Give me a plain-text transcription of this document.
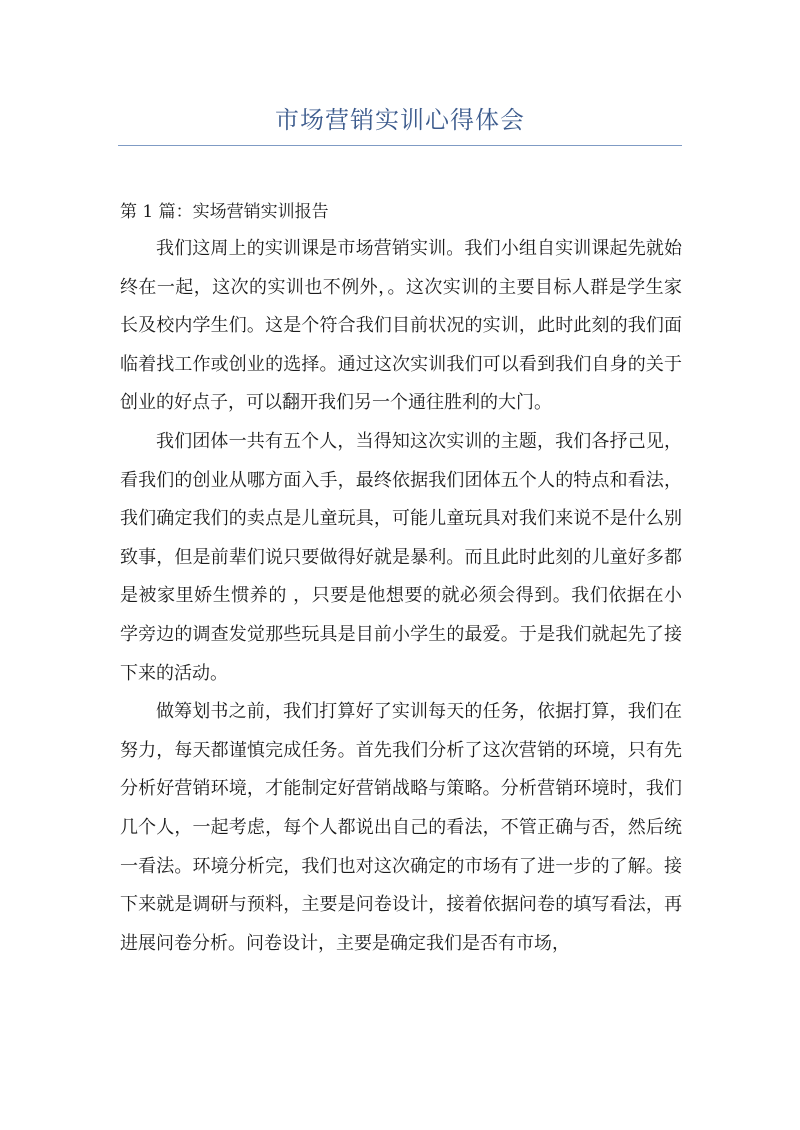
市场营销实训心得体会
第 1 篇：实场营销实训报告

我们这周上的实训课是市场营销实训。我们小组自实训课起先就始终在一起，这次的实训也不例外，。这次实训的主要目标人群是学生家长及校内学生们。这是个符合我们目前状况的实训，此时此刻的我们面临着找工作或创业的选择。通过这次实训我们可以看到我们自身的关于创业的好点子，可以翻开我们另一个通往胜利的大门。

我们团体一共有五个人，当得知这次实训的主题，我们各抒己见，看我们的创业从哪方面入手，最终依据我们团体五个人的特点和看法，我们确定我们的卖点是儿童玩具，可能儿童玩具对我们来说不是什么别致事，但是前辈们说只要做得好就是暴利。而且此时此刻的儿童好多都是被家里娇生惯养的 ，只要是他想要的就必须会得到。我们依据在小学旁边的调查发觉那些玩具是目前小学生的最爱。于是我们就起先了接下来的活动。

做筹划书之前，我们打算好了实训每天的任务，依据打算，我们在努力，每天都谨慎完成任务。首先我们分析了这次营销的环境，只有先分析好营销环境，才能制定好营销战略与策略。分析营销环境时，我们几个人，一起考虑，每个人都说出自己的看法，不管正确与否，然后统一看法。环境分析完，我们也对这次确定的市场有了进一步的了解。接下来就是调研与预料，主要是问卷设计，接着依据问卷的填写看法，再进展问卷分析。问卷设计，主要是确定我们是否有市场，
